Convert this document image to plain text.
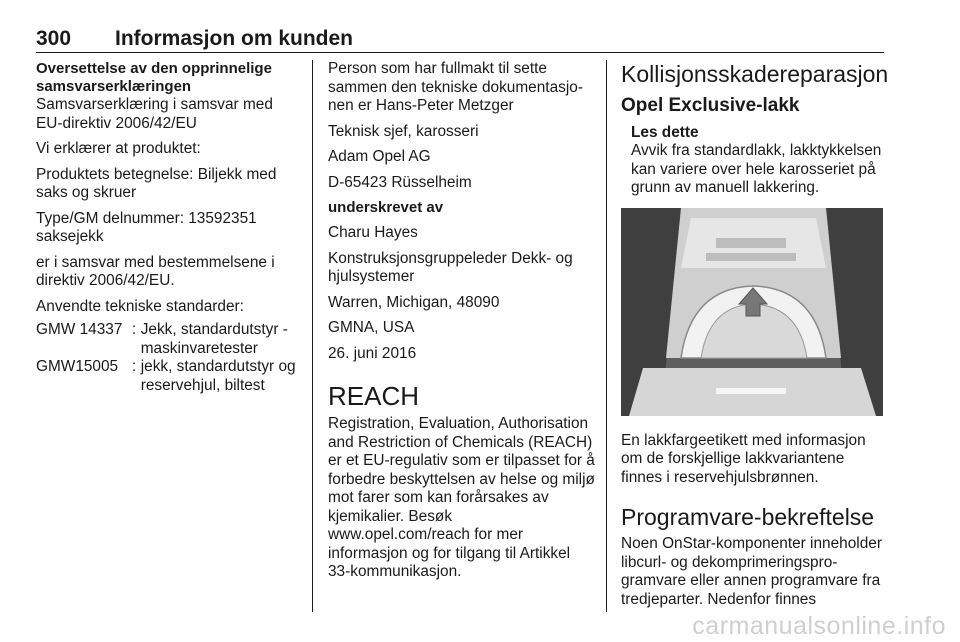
300 Informasjon om kunden

Oversettelse av den opprinnelige samsvarserklæringen

Samsvarserklæring i samsvar med EU-direktiv 2006/42/EU

Vi erklærer at produktet:

Produktets betegnelse: Biljekk med saks og skruer

Type/GM delnummer: 13592351 saksejekk

er i samsvar med bestemmelsene i direktiv 2006/42/EU.

Anvendte tekniske standarder:

GMW 14337	:	Jekk, standardutstyr - maskinvaretester
GMW15005	:	jekk, standardutstyr og reservehjul, biltest

Person som har fullmakt til sette sammen den tekniske dokumentasjonen er Hans-Peter Metzger

Teknisk sjef, karosseri

Adam Opel AG

D-65423 Rüsselheim

underskrevet av

Charu Hayes

Konstruksjonsgruppeleder Dekk- og hjulsystemer

Warren, Michigan, 48090

GMNA, USA

26. juni 2016

REACH

Registration, Evaluation, Authorisation and Restriction of Chemicals (REACH) er et EU-regulativ som er tilpasset for å forbedre beskyttelsen av helse og miljø mot farer som kan forårsakes av kjemikalier. Besøk www.opel.com/reach for mer informasjon og for tilgang til Artikkel 33-kommunikasjon.

Kollisjonsskadereparasjon
Opel Exclusive-lakk
Les dette

Avvik fra standardlakk, lakktykkelsen kan variere over hele karosseriet på grunn av manuell lakkering.

En lakkfargeetikett med informasjon om de forskjellige lakkvariantene finnes i reservehjulsbrønnen.

Programvare-bekreftelse

Noen OnStar-komponenter inneholder libcurl- og dekomprimeringsprogramvare eller annen programvare fra tredjeparter. Nedenfor finnes

carmanualsonline.info
